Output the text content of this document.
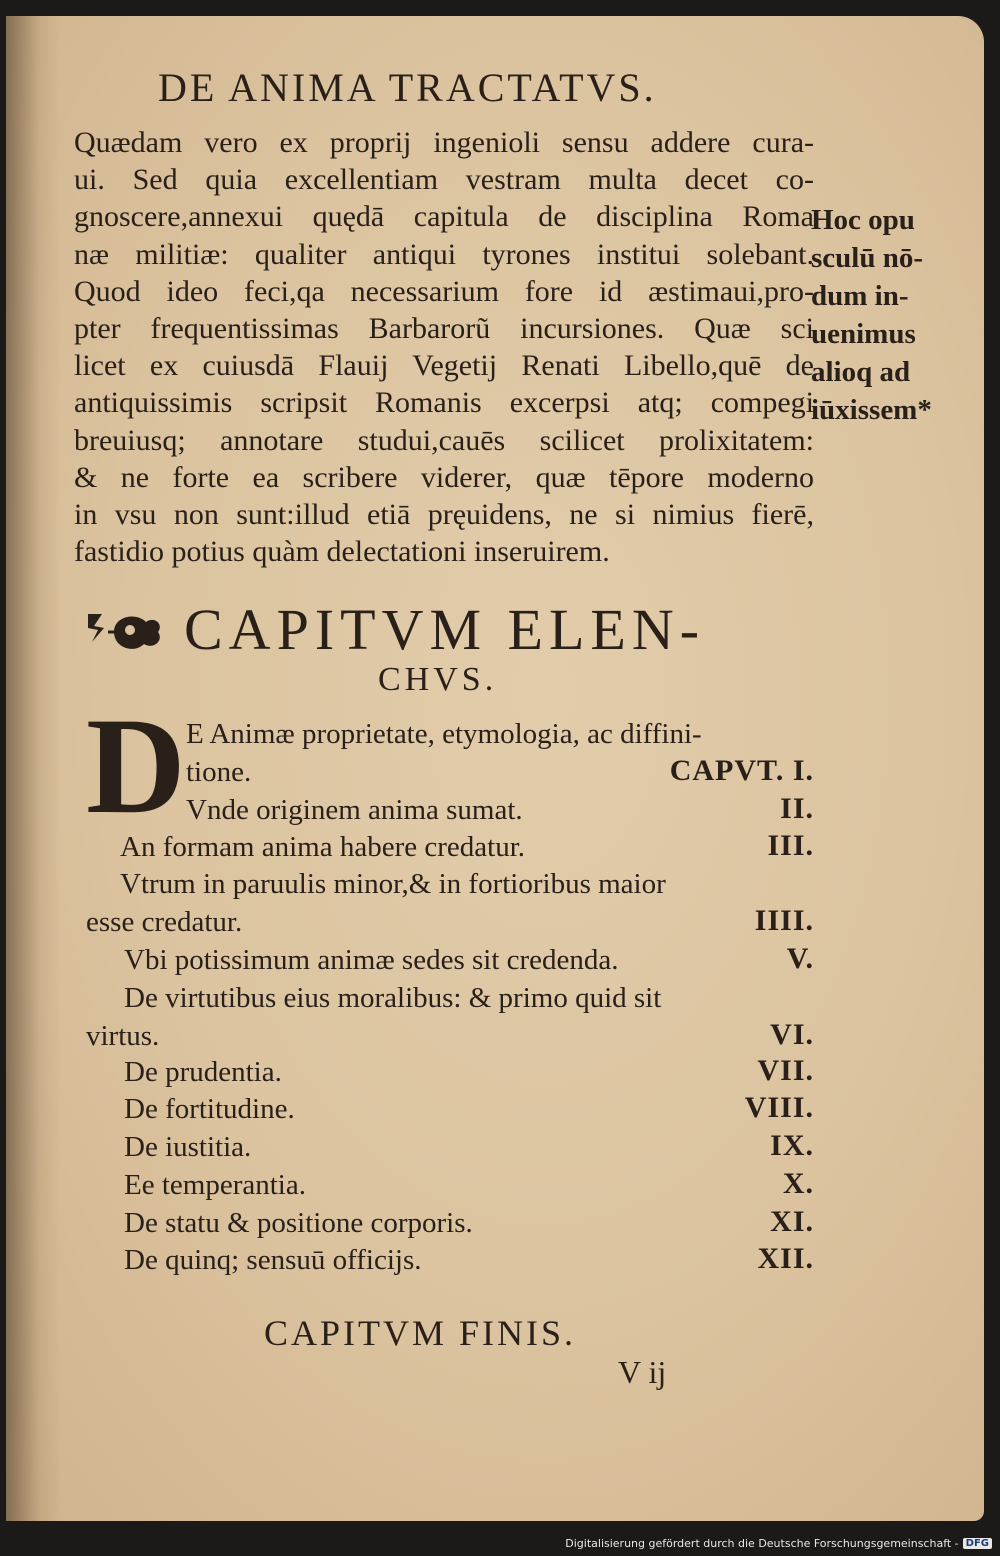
DE ANIMA TRACTATVS.
Quædam vero ex proprij ingenioli sensu addere cura-
ui. Sed quia excellentiam vestram multa decet co-
gnoscere,annexui quędā capitula de disciplina Roma
næ militiæ: qualiter antiqui tyrones institui solebant.
Quod ideo feci,qa necessarium fore id æstimaui,pro-
pter frequentissimas Barbarorũ incursiones. Quæ sci
licet ex cuiusdā Flauij Vegetij Renati Libello,quē de
antiquissimis scripsit Romanis excerpsi atq; compegi
breuiusq; annotare studui,cauēs scilicet prolixitatem:
& ne forte ea scribere viderer, quæ tēpore moderno
in vsu non sunt:illud etiā pręuidens, ne si nimius fierē,
fastidio potius quàm delectationi inseruirem.
Hoc opu
sculū nō-
dum in-
uenimus
alioq ad
iūxissem*
CAPITVM ELEN-
CHVS.
D E Animæ proprietate, etymologia, ac diffini-
tione.	CAPVT. I.
Vnde originem anima sumat.	II.
An formam anima habere credatur.	III.
Vtrum in paruulis minor,& in fortioribus maior
esse credatur.	IIII.
Vbi potissimum animæ sedes sit credenda.	V.
De virtutibus eius moralibus: & primo quid sit
virtus.	VI.
De prudentia.	VII.
De fortitudine.	VIII.
De iustitia.	IX.
Ee temperantia.	X.
De statu & positione corporis.	XI.
De quinq; sensuū officijs.	XII.
CAPITVM FINIS.
V ij
Digitalisierung gefördert durch die Deutsche Forschungsgemeinschaft - DFG
